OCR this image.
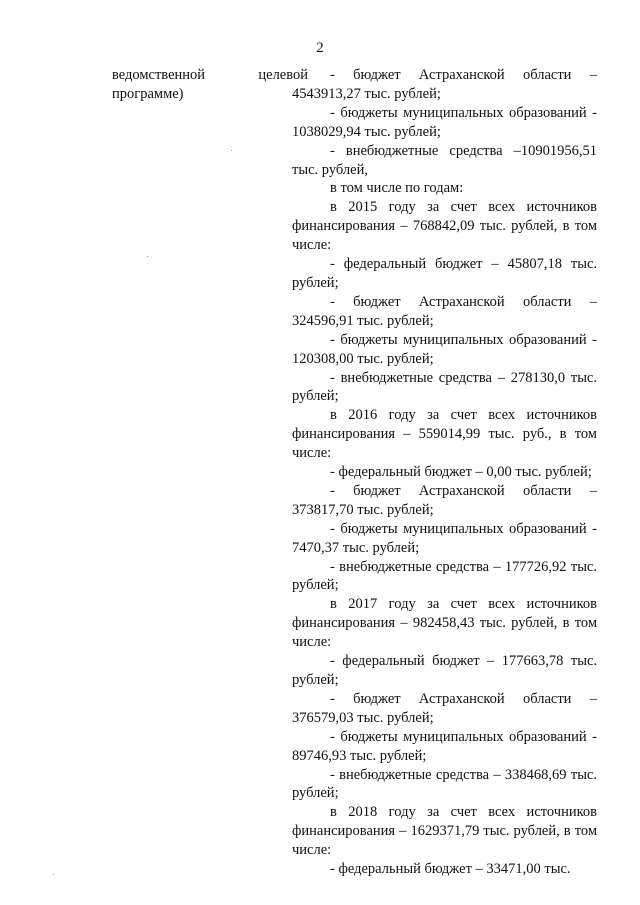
2
ведомственной	целевой
программе)

- бюджет Астраханской области – 4543913,27 тыс. рублей;

- бюджеты муниципальных образований - 1038029,94 тыс. рублей;

- внебюджетные средства –10901956,51 тыс. рублей,

в том числе по годам:

в 2015 году за счет всех источников финансирования – 768842,09 тыс. рублей, в том числе:

- федеральный бюджет – 45807,18 тыс. рублей;

- бюджет Астраханской области – 324596,91 тыс. рублей;

- бюджеты муниципальных образований - 120308,00 тыс. рублей;

- внебюджетные средства – 278130,0 тыс. рублей;

в 2016 году за счет всех источников финансирования – 559014,99 тыс. руб., в том числе:

- федеральный бюджет – 0,00 тыс. рублей;

- бюджет Астраханской области – 373817,70 тыс. рублей;

- бюджеты муниципальных образований - 7470,37 тыс. рублей;

- внебюджетные средства – 177726,92 тыс. рублей;

в 2017 году за счет всех источников финансирования – 982458,43 тыс. рублей, в том числе:

- федеральный бюджет – 177663,78 тыс. рублей;

- бюджет Астраханской области – 376579,03 тыс. рублей;

- бюджеты муниципальных образований - 89746,93 тыс. рублей;

- внебюджетные средства – 338468,69 тыс. рублей;

в 2018 году за счет всех источников финансирования – 1629371,79 тыс. рублей, в том числе:

- федеральный бюджет – 33471,00 тыс.
